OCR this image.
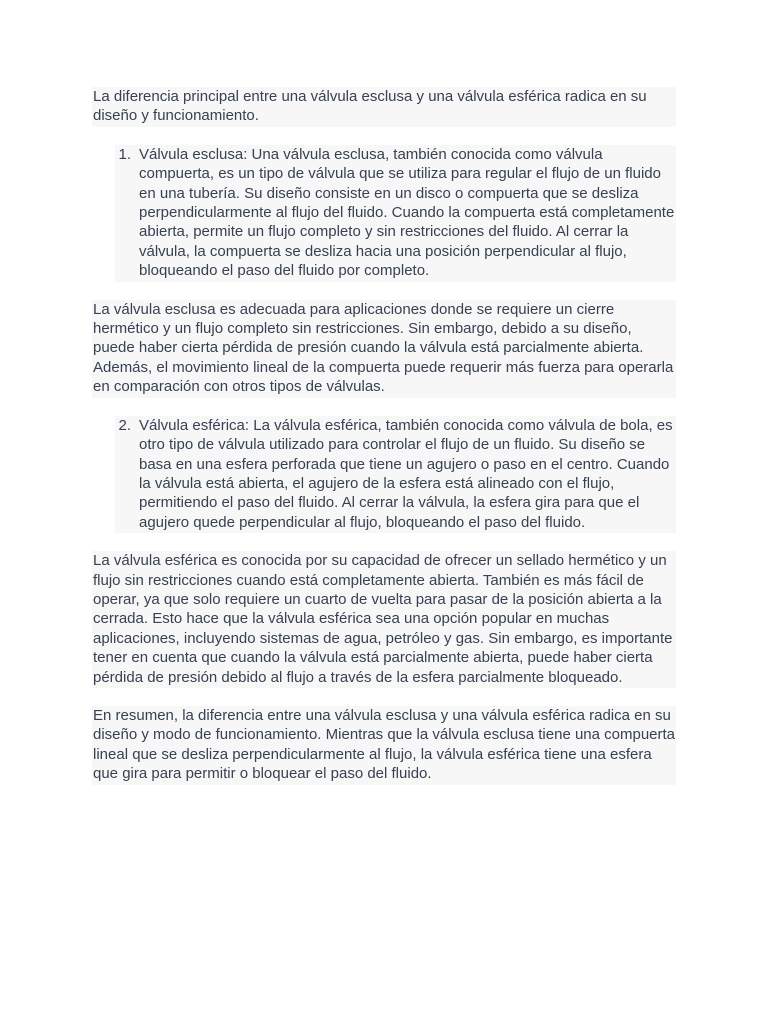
La diferencia principal entre una válvula esclusa y una válvula esférica radica en su diseño y funcionamiento.

1. Válvula esclusa: Una válvula esclusa, también conocida como válvula compuerta, es un tipo de válvula que se utiliza para regular el flujo de un fluido en una tubería. Su diseño consiste en un disco o compuerta que se desliza perpendicularmente al flujo del fluido. Cuando la compuerta está completamente abierta, permite un flujo completo y sin restricciones del fluido. Al cerrar la válvula, la compuerta se desliza hacia una posición perpendicular al flujo, bloqueando el paso del fluido por completo.

La válvula esclusa es adecuada para aplicaciones donde se requiere un cierre hermético y un flujo completo sin restricciones. Sin embargo, debido a su diseño, puede haber cierta pérdida de presión cuando la válvula está parcialmente abierta. Además, el movimiento lineal de la compuerta puede requerir más fuerza para operarla en comparación con otros tipos de válvulas.

2. Válvula esférica: La válvula esférica, también conocida como válvula de bola, es otro tipo de válvula utilizado para controlar el flujo de un fluido. Su diseño se basa en una esfera perforada que tiene un agujero o paso en el centro. Cuando la válvula está abierta, el agujero de la esfera está alineado con el flujo, permitiendo el paso del fluido. Al cerrar la válvula, la esfera gira para que el agujero quede perpendicular al flujo, bloqueando el paso del fluido.

La válvula esférica es conocida por su capacidad de ofrecer un sellado hermético y un flujo sin restricciones cuando está completamente abierta. También es más fácil de operar, ya que solo requiere un cuarto de vuelta para pasar de la posición abierta a la cerrada. Esto hace que la válvula esférica sea una opción popular en muchas aplicaciones, incluyendo sistemas de agua, petróleo y gas. Sin embargo, es importante tener en cuenta que cuando la válvula está parcialmente abierta, puede haber cierta pérdida de presión debido al flujo a través de la esfera parcialmente bloqueado.

En resumen, la diferencia entre una válvula esclusa y una válvula esférica radica en su diseño y modo de funcionamiento. Mientras que la válvula esclusa tiene una compuerta lineal que se desliza perpendicularmente al flujo, la válvula esférica tiene una esfera que gira para permitir o bloquear el paso del fluido.
